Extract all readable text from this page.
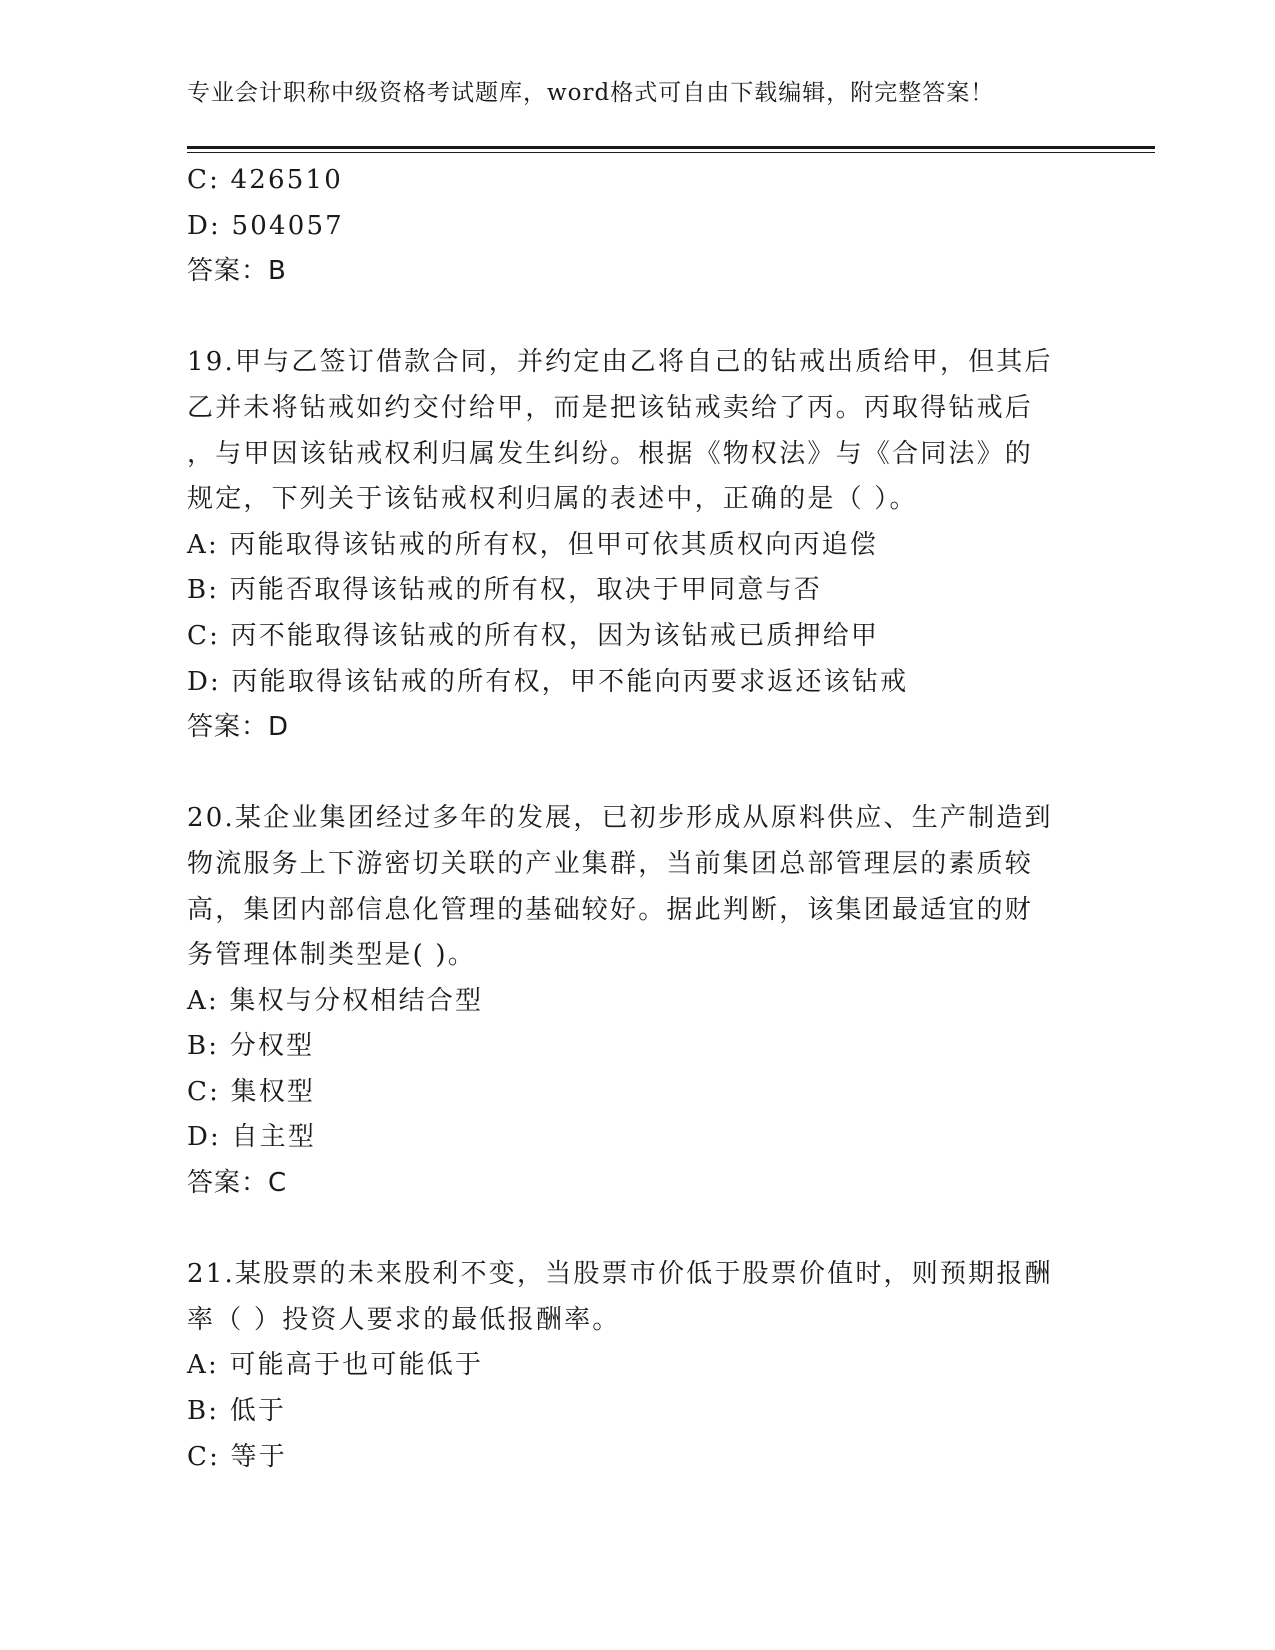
专业会计职称中级资格考试题库，word格式可自由下载编辑，附完整答案！
C: 426510
D: 504057
答案：B
19.甲与乙签订借款合同，并约定由乙将自己的钻戒出质给甲，但其后
乙并未将钻戒如约交付给甲，而是把该钻戒卖给了丙。丙取得钻戒后
，与甲因该钻戒权利归属发生纠纷。根据《物权法》与《合同法》的
规定，下列关于该钻戒权利归属的表述中，正确的是（ ）。
A: 丙能取得该钻戒的所有权，但甲可依其质权向丙追偿
B: 丙能否取得该钻戒的所有权，取决于甲同意与否
C: 丙不能取得该钻戒的所有权，因为该钻戒已质押给甲
D: 丙能取得该钻戒的所有权，甲不能向丙要求返还该钻戒
答案：D
20.某企业集团经过多年的发展，已初步形成从原料供应、生产制造到
物流服务上下游密切关联的产业集群，当前集团总部管理层的素质较
高，集团内部信息化管理的基础较好。据此判断，该集团最适宜的财
务管理体制类型是( )。
A: 集权与分权相结合型
B: 分权型
C: 集权型
D: 自主型
答案：C
21.某股票的未来股利不变，当股票市价低于股票价值时，则预期报酬
率（ ）投资人要求的最低报酬率。
A: 可能高于也可能低于
B: 低于
C: 等于
